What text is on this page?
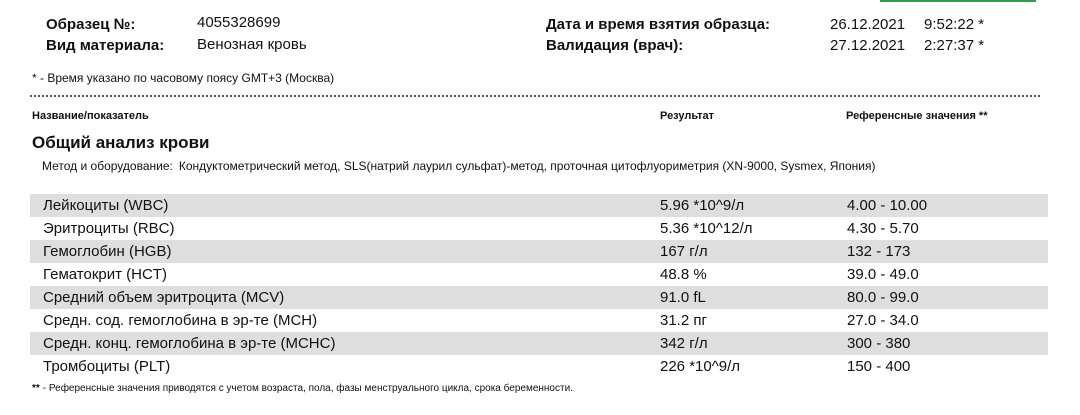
Образец №:	4055328699
Вид материала: Венозная кровь
Дата и время взятия образца:	26.12.2021 9:52:22 *
Валидация (врач):	27.12.2021 2:27:37 *
* - Время указано по часовому поясу GMT+3 (Москва)
Название/показатель	Результат	Референсные значения **
Общий анализ крови
Метод и оборудование: Кондуктометрический метод, SLS(натрий лаурил сульфат)-метод, проточная цитофлуориметрия (XN-9000, Sysmex, Япония)
Лейкоциты (WBC)	5.96 *10^9/л	4.00 - 10.00
Эритроциты (RBC)	5.36 *10^12/л	4.30 - 5.70
Гемоглобин (HGB)	167 г/л	132 - 173
Гематокрит (HCT)	48.8 %	39.0 - 49.0
Средний объем эритроцита (MCV)	91.0 fL	80.0 - 99.0
Средн. сод. гемоглобина в эр-те (MCH)	31.2 пг	27.0 - 34.0
Средн. конц. гемоглобина в эр-те (MCHC)	342 г/л	300 - 380
Тромбоциты (PLT)	226 *10^9/л	150 - 400
** - Референсные значения приводятся с учетом возраста, пола, фазы менструального цикла, срока беременности.
